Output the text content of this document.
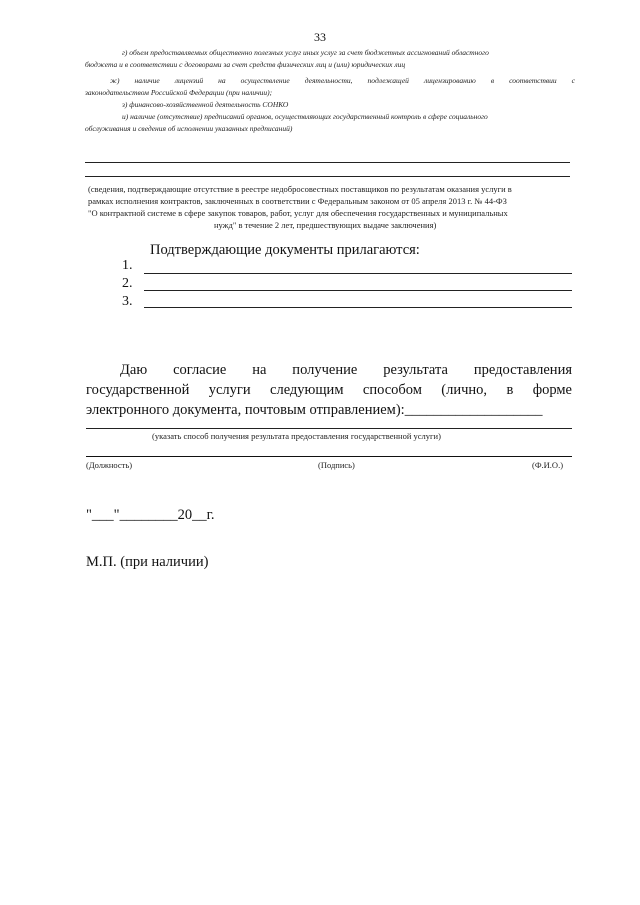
33
г) объем предоставляемых общественно полезных услуг иных услуг за счет бюджетных ассигнований областного
бюджета и в соответствии с договорами за счет средств физических лиц и (или) юридических лиц
ж) наличие лицензий на осуществление деятельности, подлежащей лицензированию в соответствии с
законодательством Российской Федерации (при наличии);
з) финансово-хозяйственной деятельность СОНКО
и) наличие (отсутствие) предписаний органов, осуществляющих государственный контроль в сфере социального
обслуживания и сведения об исполнении указанных предписаний)
(сведения, подтверждающие отсутствие в реестре недобросовестных поставщиков по результатам оказания услуги в
рамках исполнения контрактов, заключенных в соответствии с Федеральным законом от 05 апреля 2013 г. № 44-ФЗ
"О контрактной системе в сфере закупок товаров, работ, услуг для обеспечения государственных и муниципальных
нужд" в течение 2 лет, предшествующих выдаче заключения)
Подтверждающие документы прилагаются:
1.
2.
3.
Даю согласие на получение результата предоставления
государственной услуги следующим способом (лично, в форме
электронного документа, почтовым отправлением):___________________
(указать способ получения результата предоставления государственной услуги)
(Должность)	(Подпись)	(Ф.И.О.)
"___"________20__г.
М.П. (при наличии)
